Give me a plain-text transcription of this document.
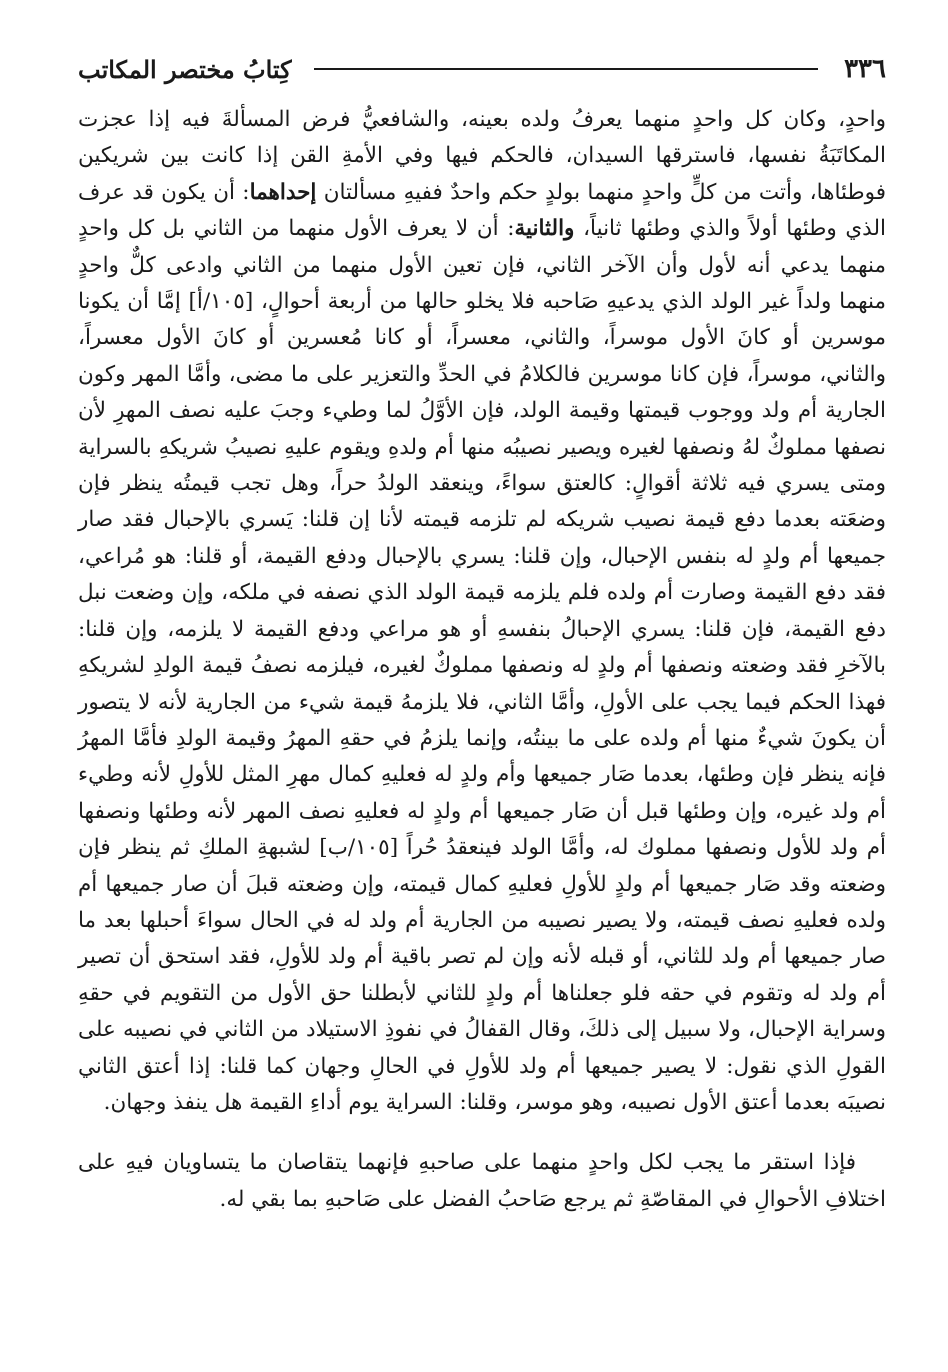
٣٣٦
كِتابُ مختصر المكاتب

واحدٍ، وكان كل واحدٍ منهما يعرفُ ولده بعينه، والشافعيُّ فرض المسألةَ فيه إذا عجزت المكاتَبَةُ نفسها، فاسترقها السيدان، فالحكم فيها وفي الأمةِ القن إذا كانت بين شريكين فوطئاها، وأتت من كلٍّ واحدٍ منهما بولدٍ حكم واحدٌ ففيهِ مسألتان إحداهما: أن يكون قد عرف الذي وطئها أولاً والذي وطئها ثانياً، والثانية: أن لا يعرف الأول منهما من الثاني بل كل واحدٍ منهما يدعي أنه لأول وأن الآخر الثاني، فإن تعين الأول منهما من الثاني وادعى كلٌّ واحدٍ منهما ولداً غير الولد الذي يدعيهِ صَاحبه فلا يخلو حالها من أربعة أحوالٍ، [١٠٥/أ] إمَّا أن يكونا موسرين أو كانَ الأول موسراً، والثاني، معسراً، أو كانا مُعسرين أو كانَ الأول معسراً، والثاني، موسراً، فإن كانا موسرين فالكلامُ في الحدِّ والتعزير على ما مضى، وأمَّا المهر وكون الجارية أم ولد ووجوب قيمتها وقيمة الولد، فإن الأوَّلُ لما وطيء وجبَ عليه نصف المهرِ لأن نصفها مملوكٌ لهُ ونصفها لغيره ويصير نصيبُه منها أم ولدهِ ويقوم عليهِ نصيبُ شريكهِ بالسراية ومتى يسري فيه ثلاثة أقوالٍ: كالعتق سواءً، وينعقد الولدُ حراً، وهل تجب قيمتُه ينظر فإن وضعَته بعدما دفع قيمة نصيب شريكه لم تلزمه قيمته لأنا إن قلنا: يَسري بالإحبال فقد صار جميعها أم ولدٍ له بنفس الإحبال، وإن قلنا: يسري بالإحبال ودفع القيمة، أو قلنا: هو مُراعي، فقد دفع القيمة وصارت أم ولده فلم يلزمه قيمة الولد الذي نصفه في ملكه، وإن وضعت نبل دفع القيمة، فإن قلنا: يسري الإحبالُ بنفسهِ أو هو مراعي ودفع القيمة لا يلزمه، وإن قلنا: بالآخرِ فقد وضعته ونصفها أم ولدٍ له ونصفها مملوكٌ لغيره، فيلزمه نصفُ قيمة الولدِ لشريكهِ فهذا الحكم فيما يجب على الأولِ، وأمَّا الثاني، فلا يلزمهُ قيمة شيء من الجارية لأنه لا يتصور أن يكونَ شيءٌ منها أم ولده على ما بينتُه، وإنما يلزمُ في حقهِ المهرُ وقيمة الولدِ فأمَّا المهرُ فإنه ينظر فإن وطئها، بعدما صَار جميعها وأم ولدٍ له فعليهِ كمال مهرِ المثل للأولِ لأنه وطيء أم ولد غيره، وإن وطئها قبل أن صَار جميعها أم ولدٍ له فعليهِ نصف المهر لأنه وطئها ونصفها أم ولد للأول ونصفها مملوك له، وأمَّا الولد فينعقدُ حُراً [١٠٥/ب] لشبهةِ الملكِ ثم ينظر فإن وضعته وقد صَار جميعها أم ولدٍ للأولِ فعليهِ كمال قيمته، وإن وضعته قبلَ أن صار جميعها أم ولده فعليهِ نصف قيمته، ولا يصير نصيبه من الجارية أم ولد له في الحال سواءَ أحبلها بعد ما صار جميعها أم ولد للثاني، أو قبله لأنه وإن لم تصر باقية أم ولد للأولِ، فقد استحق أن تصير أم ولد له وتقوم في حقه فلو جعلناها أم ولدٍ للثاني لأبطلنا حق الأول من التقويم في حقهِ وسراية الإحبال، ولا سبيل إلى ذلكَ، وقال القفالُ في نفوذِ الاستيلاد من الثاني في نصيبه على القولِ الذي نقول: لا يصير جميعها أم ولد للأولِ في الحالِ وجهان كما قلنا: إذا أعتق الثاني نصيبَه بعدما أعتق الأول نصيبه، وهو موسر، وقلنا: السراية يوم أداءِ القيمة هل ينفذ وجهان.

فإذا استقر ما يجب لكل واحدٍ منهما على صاحبهِ فإنهما يتقاصان ما يتساويان فيهِ على اختلافِ الأحوالِ في المقاصّةِ ثم يرجع صَاحبُ الفضل على صَاحبهِ بما بقي له.
